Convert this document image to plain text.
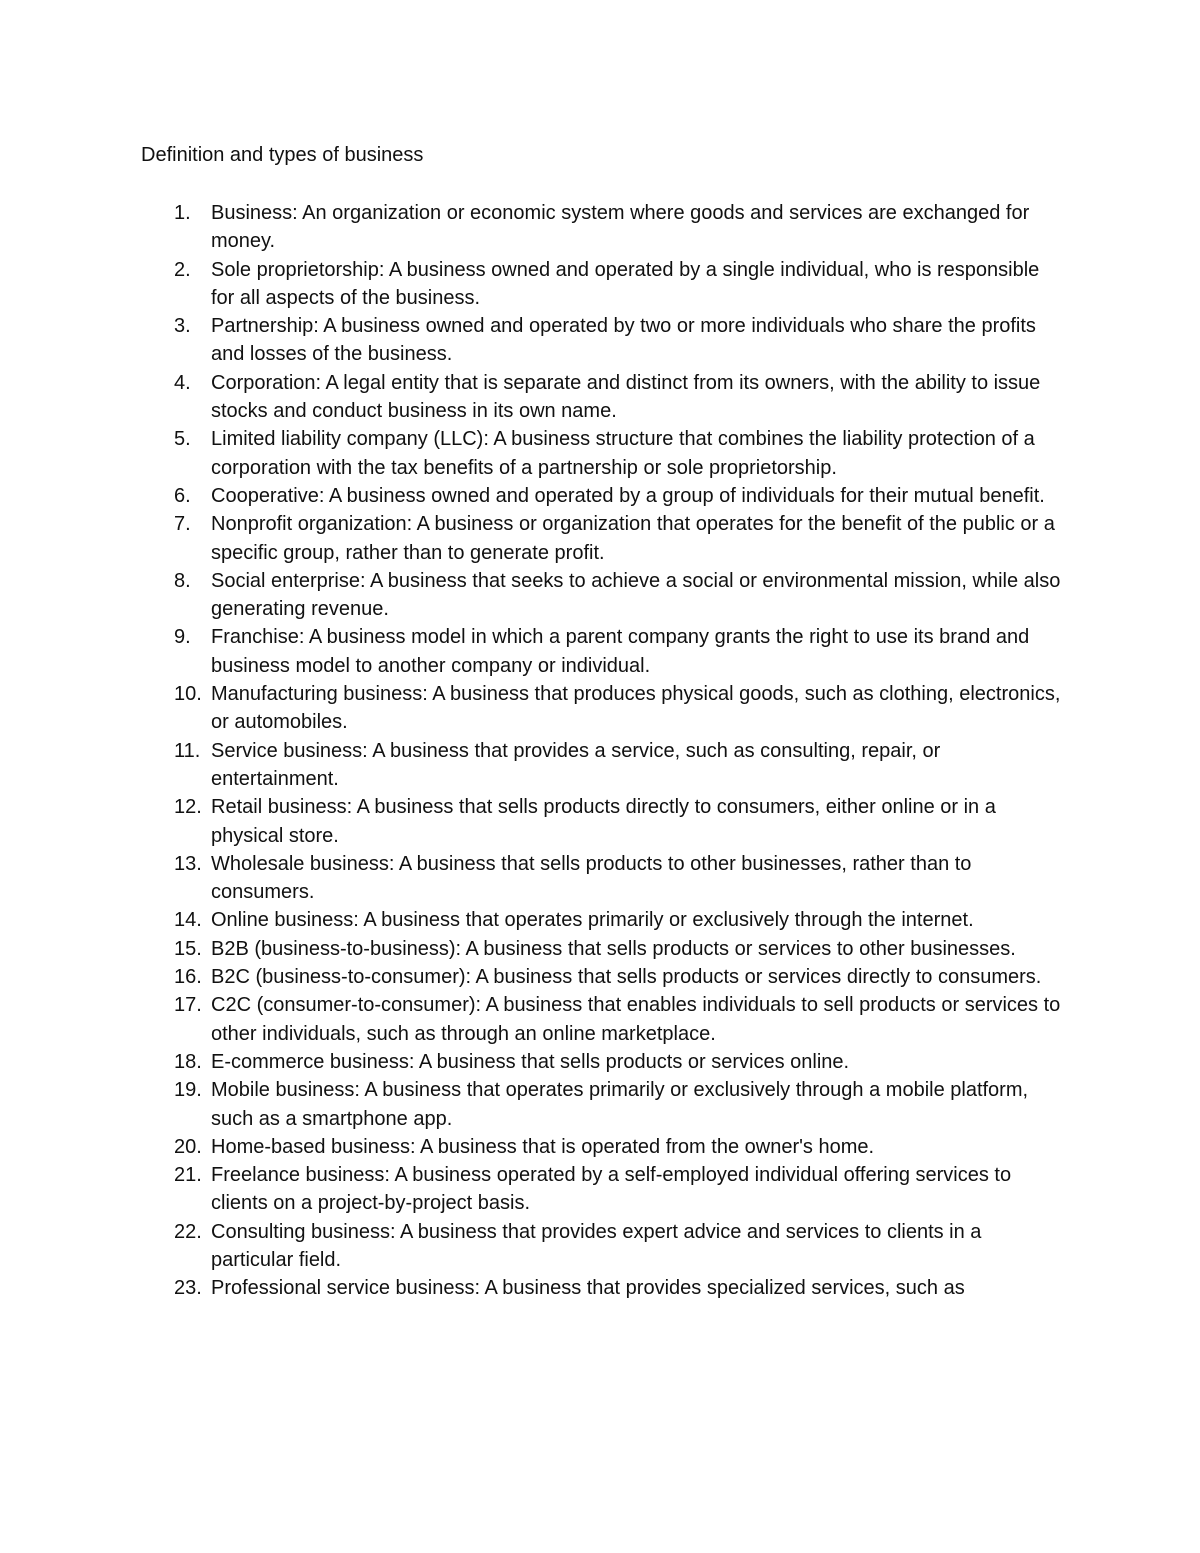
Definition and types of business
1.	Business: An organization or economic system where goods and services are exchanged for money.
2.	Sole proprietorship: A business owned and operated by a single individual, who is responsible for all aspects of the business.
3.	Partnership: A business owned and operated by two or more individuals who share the profits and losses of the business.
4.	Corporation: A legal entity that is separate and distinct from its owners, with the ability to issue stocks and conduct business in its own name.
5.	Limited liability company (LLC): A business structure that combines the liability protection of a corporation with the tax benefits of a partnership or sole proprietorship.
6.	Cooperative: A business owned and operated by a group of individuals for their mutual benefit.
7.	Nonprofit organization: A business or organization that operates for the benefit of the public or a specific group, rather than to generate profit.
8.	Social enterprise: A business that seeks to achieve a social or environmental mission, while also generating revenue.
9.	Franchise: A business model in which a parent company grants the right to use its brand and business model to another company or individual.
10. Manufacturing business: A business that produces physical goods, such as clothing, electronics, or automobiles.
11. Service business: A business that provides a service, such as consulting, repair, or entertainment.
12. Retail business: A business that sells products directly to consumers, either online or in a physical store.
13. Wholesale business: A business that sells products to other businesses, rather than to consumers.
14. Online business: A business that operates primarily or exclusively through the internet.
15. B2B (business-to-business): A business that sells products or services to other businesses.
16. B2C (business-to-consumer): A business that sells products or services directly to consumers.
17. C2C (consumer-to-consumer): A business that enables individuals to sell products or services to other individuals, such as through an online marketplace.
18. E-commerce business: A business that sells products or services online.
19. Mobile business: A business that operates primarily or exclusively through a mobile platform, such as a smartphone app.
20. Home-based business: A business that is operated from the owner's home.
21. Freelance business: A business operated by a self-employed individual offering services to clients on a project-by-project basis.
22. Consulting business: A business that provides expert advice and services to clients in a particular field.
23. Professional service business: A business that provides specialized services, such as
